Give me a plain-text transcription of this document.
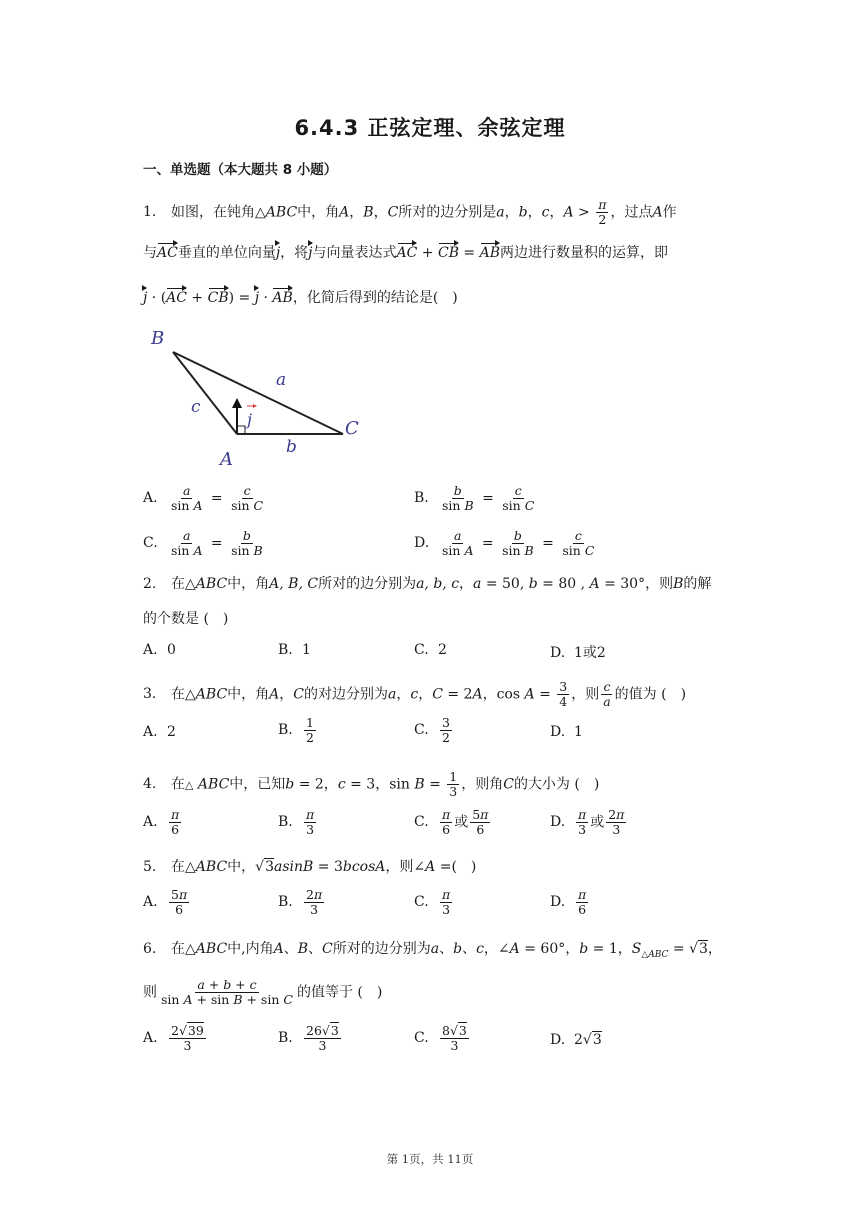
6.4.3 正弦定理、余弦定理
一、单选题（本大题共 8 小题）
1. 如图，在钝角△ABC中，角A，B，C所对的边分别是a，b，c，$A > \frac{\pi}{2}$ ，过点A作
与AC垂直的单位向量j，将j与向量表达式AC + CB = AB两边进行数量积的运算，即
j · (AC + CB) = j · AB，化简后得到的结论是(　)
B
A
C
a
b
c
j
A. $\frac{a}{\text{sin A}} = \frac{c}{\text{sin C}}$	B. $\frac{b}{\text{sin B}} = \frac{c}{\text{sin C}}$
C. $\frac{a}{\text{sin A}} = \frac{b}{\text{sin B}}$	D. $\frac{a}{\text{sin A}} = \frac{b}{\text{sin B}} = \frac{c}{\text{sin C}}$
2. 在△ABC中，角A, B, C所对的边分别为a, b, c，a = 50, b = 80 , A = 30°，则B的解
的个数是 (　)
A. 0	B. 1	C. 2	D. 1或2
3. 在△ABC中，角A，C的对边分别为a，c，C = 2A，$\cos A = \frac{3}{4}$ ，则 $\frac{c}{a}$ 的值为 (　)
A. 2	B. $\frac{1}{2}$	C. $\frac{3}{2}$	D. 1
4. 在△ ABC中，已知b = 2，c = 3，$\sin B = \frac{1}{3}$ ，则角C的大小为 (　)
A. $\frac{\pi}{6}$	B. $\frac{\pi}{3}$	C. $\frac{\pi}{6}$ 或 $\frac{5\pi}{6}$	D. $\frac{\pi}{3}$ 或 $\frac{2\pi}{3}$
5. 在△ABC中，√3asinB = 3bcosA，则∠A =(　)
A. $\frac{5\pi}{6}$	B. $\frac{2\pi}{3}$	C. $\frac{\pi}{3}$	D. $\frac{\pi}{6}$
6. 在△ABC中,内角A、B、C所对的边分别为a、b、c，∠A = 60°，b = 1，$S_{\triangle ABC} = √3$，
则 $\frac{a + b + c}{\text{sin A + sin B + sin C}}$ 的值等于 (　)
A. $\frac{2√39}{3}$	B. $\frac{26√3}{3}$	C. $\frac{8√3}{3}$	D. 2√3
第 1页，共 11页
